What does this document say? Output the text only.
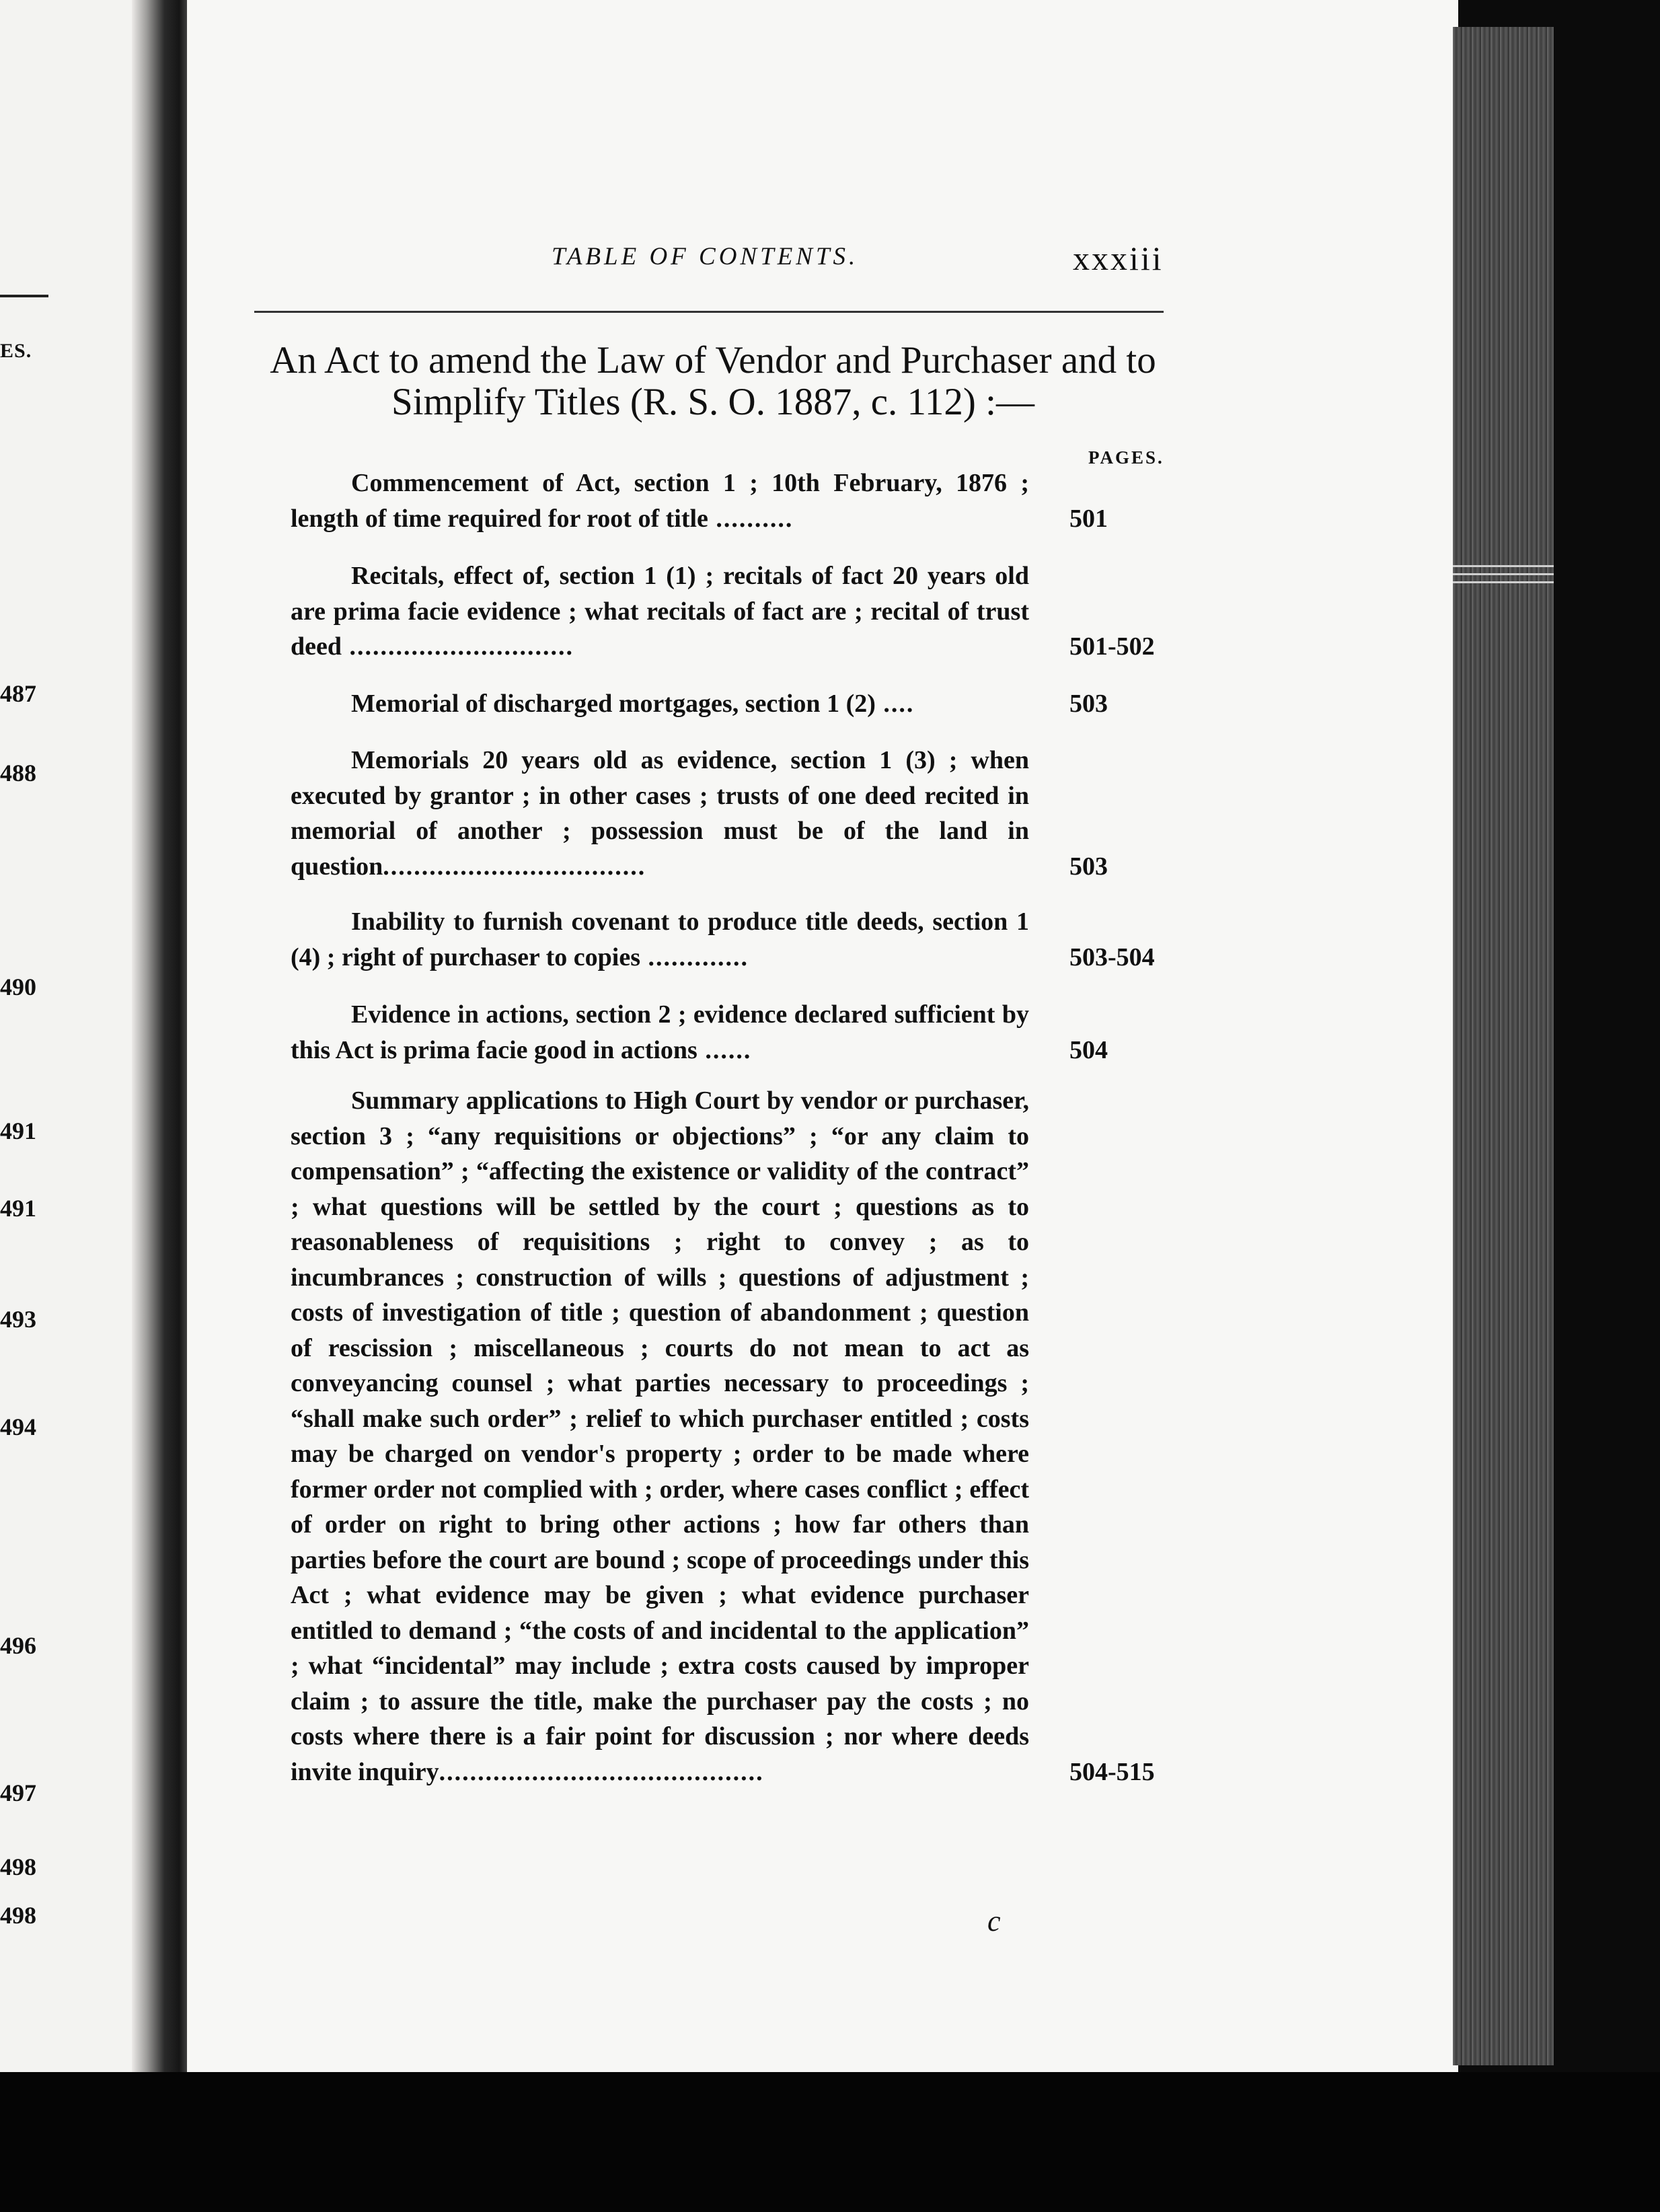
ES.
487
488
490
491
491
493
494
496
497
498
498
TABLE OF CONTENTS.	xxxiii
An Act to amend the Law of Vendor and Purchaser and to Simplify Titles (R. S. O. 1887, c. 112) :—
PAGES.
Commencement of Act, section 1 ; 10th February, 1876 ; length of time required for root of title ..........	501
Recitals, effect of, section 1 (1) ; recitals of fact 20 years old are prima facie evidence ; what recitals of fact are ; recital of trust deed .............................	501-502
Memorial of discharged mortgages, section 1 (2) ....	503
Memorials 20 years old as evidence, section 1 (3) ; when executed by grantor ; in other cases ; trusts of one deed recited in memorial of another ; possession must be of the land in question..................................	503
Inability to furnish covenant to produce title deeds, section 1 (4) ; right of purchaser to copies .............	503-504
Evidence in actions, section 2 ; evidence declared sufficient by this Act is prima facie good in actions ......	504
Summary applications to High Court by vendor or purchaser, section 3 ; “any requisitions or objections” ; “or any claim to compensation” ; “affecting the existence or validity of the contract” ; what questions will be settled by the court ; questions as to reasonableness of requisitions ; right to convey ; as to incumbrances ; construction of wills ; questions of adjustment ; costs of investigation of title ; question of abandonment ; question of rescission ; miscellaneous ; courts do not mean to act as conveyancing counsel ; what parties necessary to proceedings ; “shall make such order” ; relief to which purchaser entitled ; costs may be charged on vendor's property ; order to be made where former order not complied with ; order, where cases conflict ; effect of order on right to bring other actions ; how far others than parties before the court are bound ; scope of proceedings under this Act ; what evidence may be given ; what evidence purchaser entitled to demand ; “the costs of and incidental to the application” ; what “incidental” may include ; extra costs caused by improper claim ; to assure the title, make the purchaser pay the costs ; no costs where there is a fair point for discussion ; nor where deeds invite inquiry..........................................	504-515
c
